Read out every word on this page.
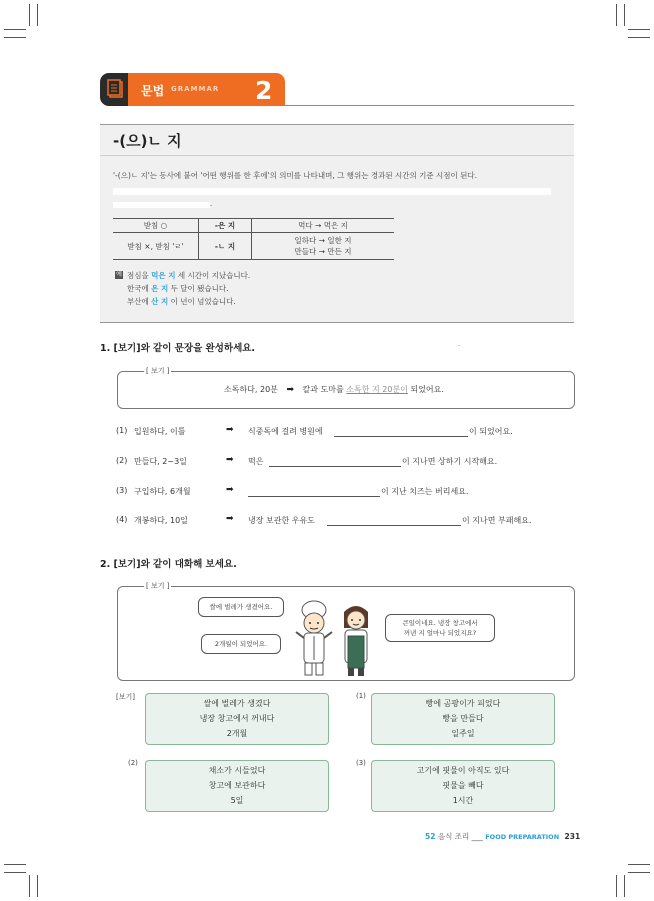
문법 GRAMMAR 2
-(으)ㄴ 지
'-(으)ㄴ 지'는 동사에 붙어 '어떤 행위를 한 후에'의 의미를 나타내며, 그 행위는 경과된 시간의 기준 시점이 된다.
.
받침 ○	-은 지	먹다 → 먹은 지
받침 ×, 받침 'ㄹ'	-ㄴ 지	일하다 → 일한 지
만들다 → 만든 지
예 점심을 먹은 지 세 시간이 지났습니다.
한국에 온 지 두 달이 됐습니다.
부산에 산 지 이 년이 넘었습니다.
1. [보기]와 같이 문장을 완성하세요.	.
[ 보기 ]
소독하다, 20분 ➡ 칼과 도마를 소독한 지 20분이 되었어요.
(1) 입원하다, 이틀	➡ 식중독에 걸려 병원에	이 되었어요.
(2) 만들다, 2~3일	➡ 떡은	이 지나면 상하기 시작해요.
(3) 구입하다, 6개월	➡	이 지난 치즈는 버리세요.
(4) 개봉하다, 10일	➡ 냉장 보관한 우유도	이 지나면 부패해요.
2. [보기]와 같이 대화해 보세요.
[ 보기 ]
쌀에 벌레가 생겼어요.
2개월이 되었어요.
큰일이네요. 냉장 창고에서
꺼낸 지 얼마나 되었지요?
[보기]
쌀에 벌레가 생겼다
냉장 창고에서 꺼내다
2개월
(1)
빵에 곰팡이가 피었다
빵을 만들다
일주일
(2)
채소가 시들었다
창고에 보관하다
5일
(3)
고기에 핏물이 아직도 있다
핏물을 빼다
1시간
52 음식 조리 ___ FOOD PREPARATION 231
